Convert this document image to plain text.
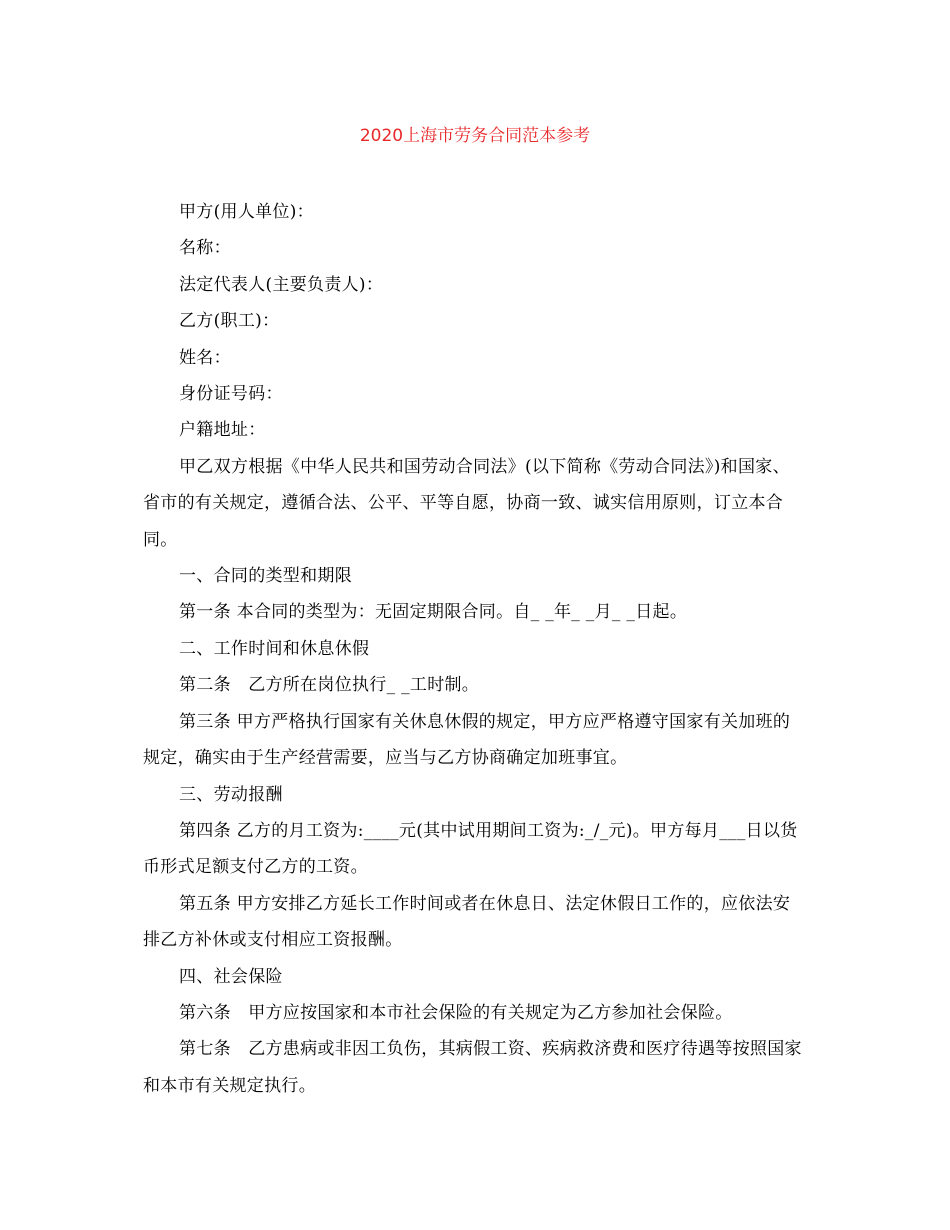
2020上海市劳务合同范本参考

甲方(用人单位)：

名称：

法定代表人(主要负责人)：

乙方(职工)：

姓名：

身份证号码：

户籍地址：

甲乙双方根据《中华人民共和国劳动合同法》(以下简称《劳动合同法》)和国家、省市的有关规定，遵循合法、公平、平等自愿，协商一致、诚实信用原则，订立本合同。

一、合同的类型和期限

第一条 本合同的类型为：无固定期限合同。自_ _年_ _月_ _日起。

二、工作时间和休息休假

第二条　乙方所在岗位执行_ _工时制。

第三条 甲方严格执行国家有关休息休假的规定，甲方应严格遵守国家有关加班的规定，确实由于生产经营需要，应当与乙方协商确定加班事宜。

三、劳动报酬

第四条 乙方的月工资为:____元(其中试用期间工资为:_/_元)。甲方每月___日以货币形式足额支付乙方的工资。

第五条 甲方安排乙方延长工作时间或者在休息日、法定休假日工作的，应依法安排乙方补休或支付相应工资报酬。

四、社会保险

第六条　甲方应按国家和本市社会保险的有关规定为乙方参加社会保险。

第七条　乙方患病或非因工负伤，其病假工资、疾病救济费和医疗待遇等按照国家和本市有关规定执行。
